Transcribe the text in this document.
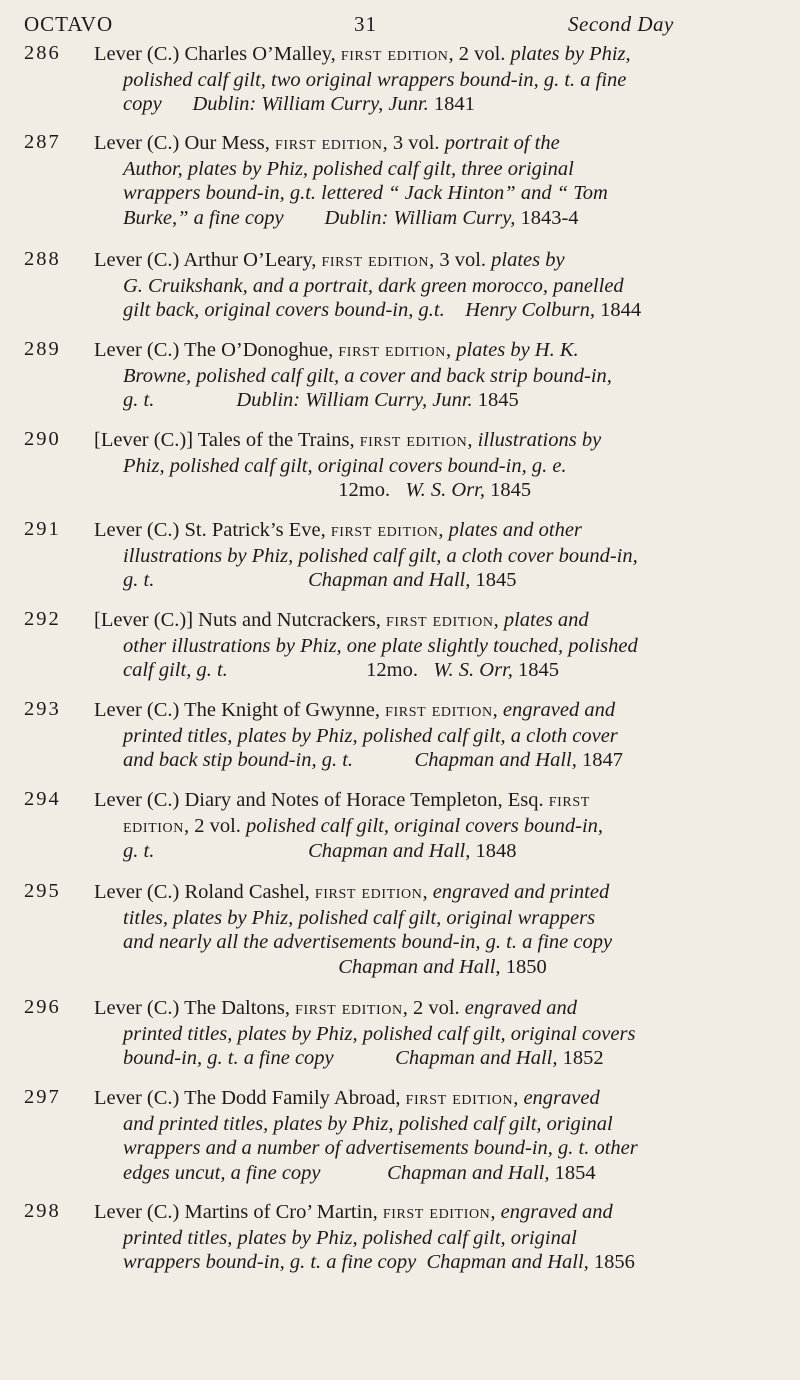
OCTAVO	31	Second Day
286 Lever (C.) Charles O’Malley, first edition, 2 vol. plates by Phiz,
polished calf gilt, two original wrappers bound-in, g. t. a fine
copy Dublin: William Curry, Junr. 1841
287 Lever (C.) Our Mess, first edition, 3 vol. portrait of the
Author, plates by Phiz, polished calf gilt, three original
wrappers bound-in, g.t. lettered “ Jack Hinton” and “ Tom
Burke,” a fine copy Dublin: William Curry, 1843-4
288 Lever (C.) Arthur O’Leary, first edition, 3 vol. plates by
G. Cruikshank, and a portrait, dark green morocco, panelled
gilt back, original covers bound-in, g.t. Henry Colburn, 1844
289 Lever (C.) The O’Donoghue, first edition, plates by H. K.
Browne, polished calf gilt, a cover and back strip bound-in,
g. t.	Dublin: William Curry, Junr. 1845
290 [Lever (C.)] Tales of the Trains, first edition, illustrations by
Phiz, polished calf gilt, original covers bound-in, g. e.
12mo.   W. S. Orr, 1845
291 Lever (C.) St. Patrick’s Eve, first edition, plates and other
illustrations by Phiz, polished calf gilt, a cloth cover bound-in,
g. t.	Chapman and Hall, 1845
292 [Lever (C.)] Nuts and Nutcrackers, first edition, plates and
other illustrations by Phiz, one plate slightly touched, polished
calf gilt, g. t.                           12mo.   W. S. Orr, 1845
293 Lever (C.) The Knight of Gwynne, first edition, engraved and
printed titles, plates by Phiz, polished calf gilt, a cloth cover
and back stip bound-in, g. t.	Chapman and Hall, 1847
294 Lever (C.) Diary and Notes of Horace Templeton, Esq. first
edition, 2 vol. polished calf gilt, original covers bound-in,
g. t.	Chapman and Hall, 1848
295 Lever (C.) Roland Cashel, first edition, engraved and printed
titles, plates by Phiz, polished calf gilt, original wrappers
and nearly all the advertisements bound-in, g. t. a fine copy
Chapman and Hall, 1850
296 Lever (C.) The Daltons, first edition, 2 vol. engraved and
printed titles, plates by Phiz, polished calf gilt, original covers
bound-in, g. t. a fine copy	Chapman and Hall, 1852
297 Lever (C.) The Dodd Family Abroad, first edition, engraved
and printed titles, plates by Phiz, polished calf gilt, original
wrappers and a number of advertisements bound-in, g. t. other
edges uncut, a fine copy	Chapman and Hall, 1854
298 Lever (C.) Martins of Cro’ Martin, first edition, engraved and
printed titles, plates by Phiz, polished calf gilt, original
wrappers bound-in, g. t. a fine copy  Chapman and Hall, 1856
